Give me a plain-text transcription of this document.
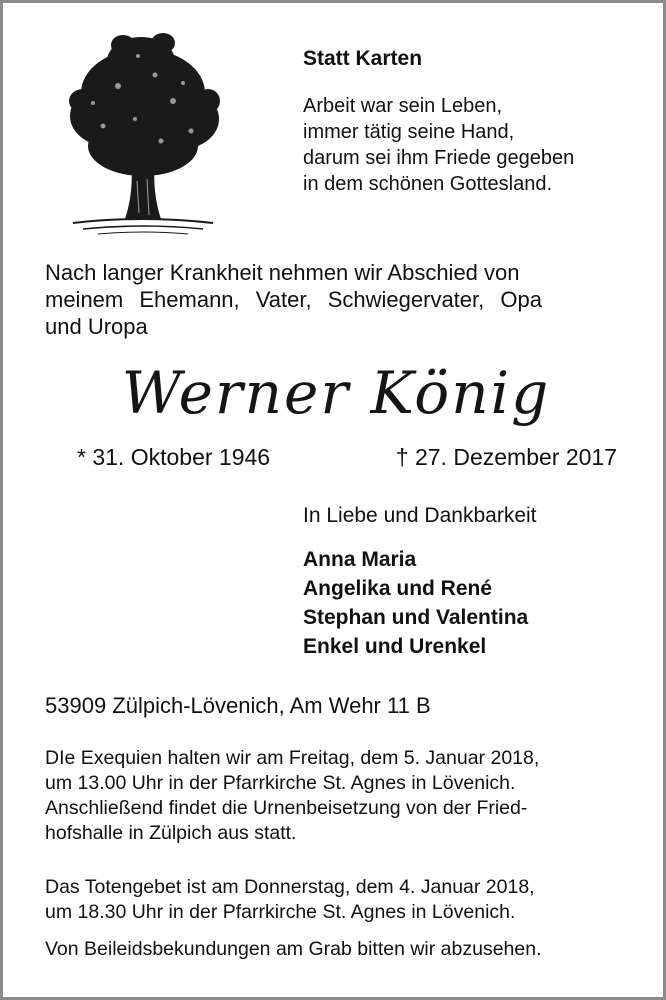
Statt Karten

Arbeit war sein Leben,
immer tätig seine Hand,
darum sei ihm Friede gegeben
in dem schönen Gottesland.
Nach langer Krankheit nehmen wir Abschied von
meinem Ehemann, Vater, Schwiegervater, Opa
und Uropa
Werner König
* 31. Oktober 1946	† 27. Dezember 2017
In Liebe und Dankbarkeit
Anna Maria
Angelika und René
Stephan und Valentina
Enkel und Urenkel
53909 Zülpich-Lövenich, Am Wehr 11 B
DIe Exequien halten wir am Freitag, dem 5. Januar 2018,
um 13.00 Uhr in der Pfarrkirche St. Agnes in Lövenich.
Anschließend findet die Urnenbeisetzung von der Fried-
hofshalle in Zülpich aus statt.
Das Totengebet ist am Donnerstag, dem 4. Januar 2018,
um 18.30 Uhr in der Pfarrkirche St. Agnes in Lövenich.
Von Beileidsbekundungen am Grab bitten wir abzusehen.
